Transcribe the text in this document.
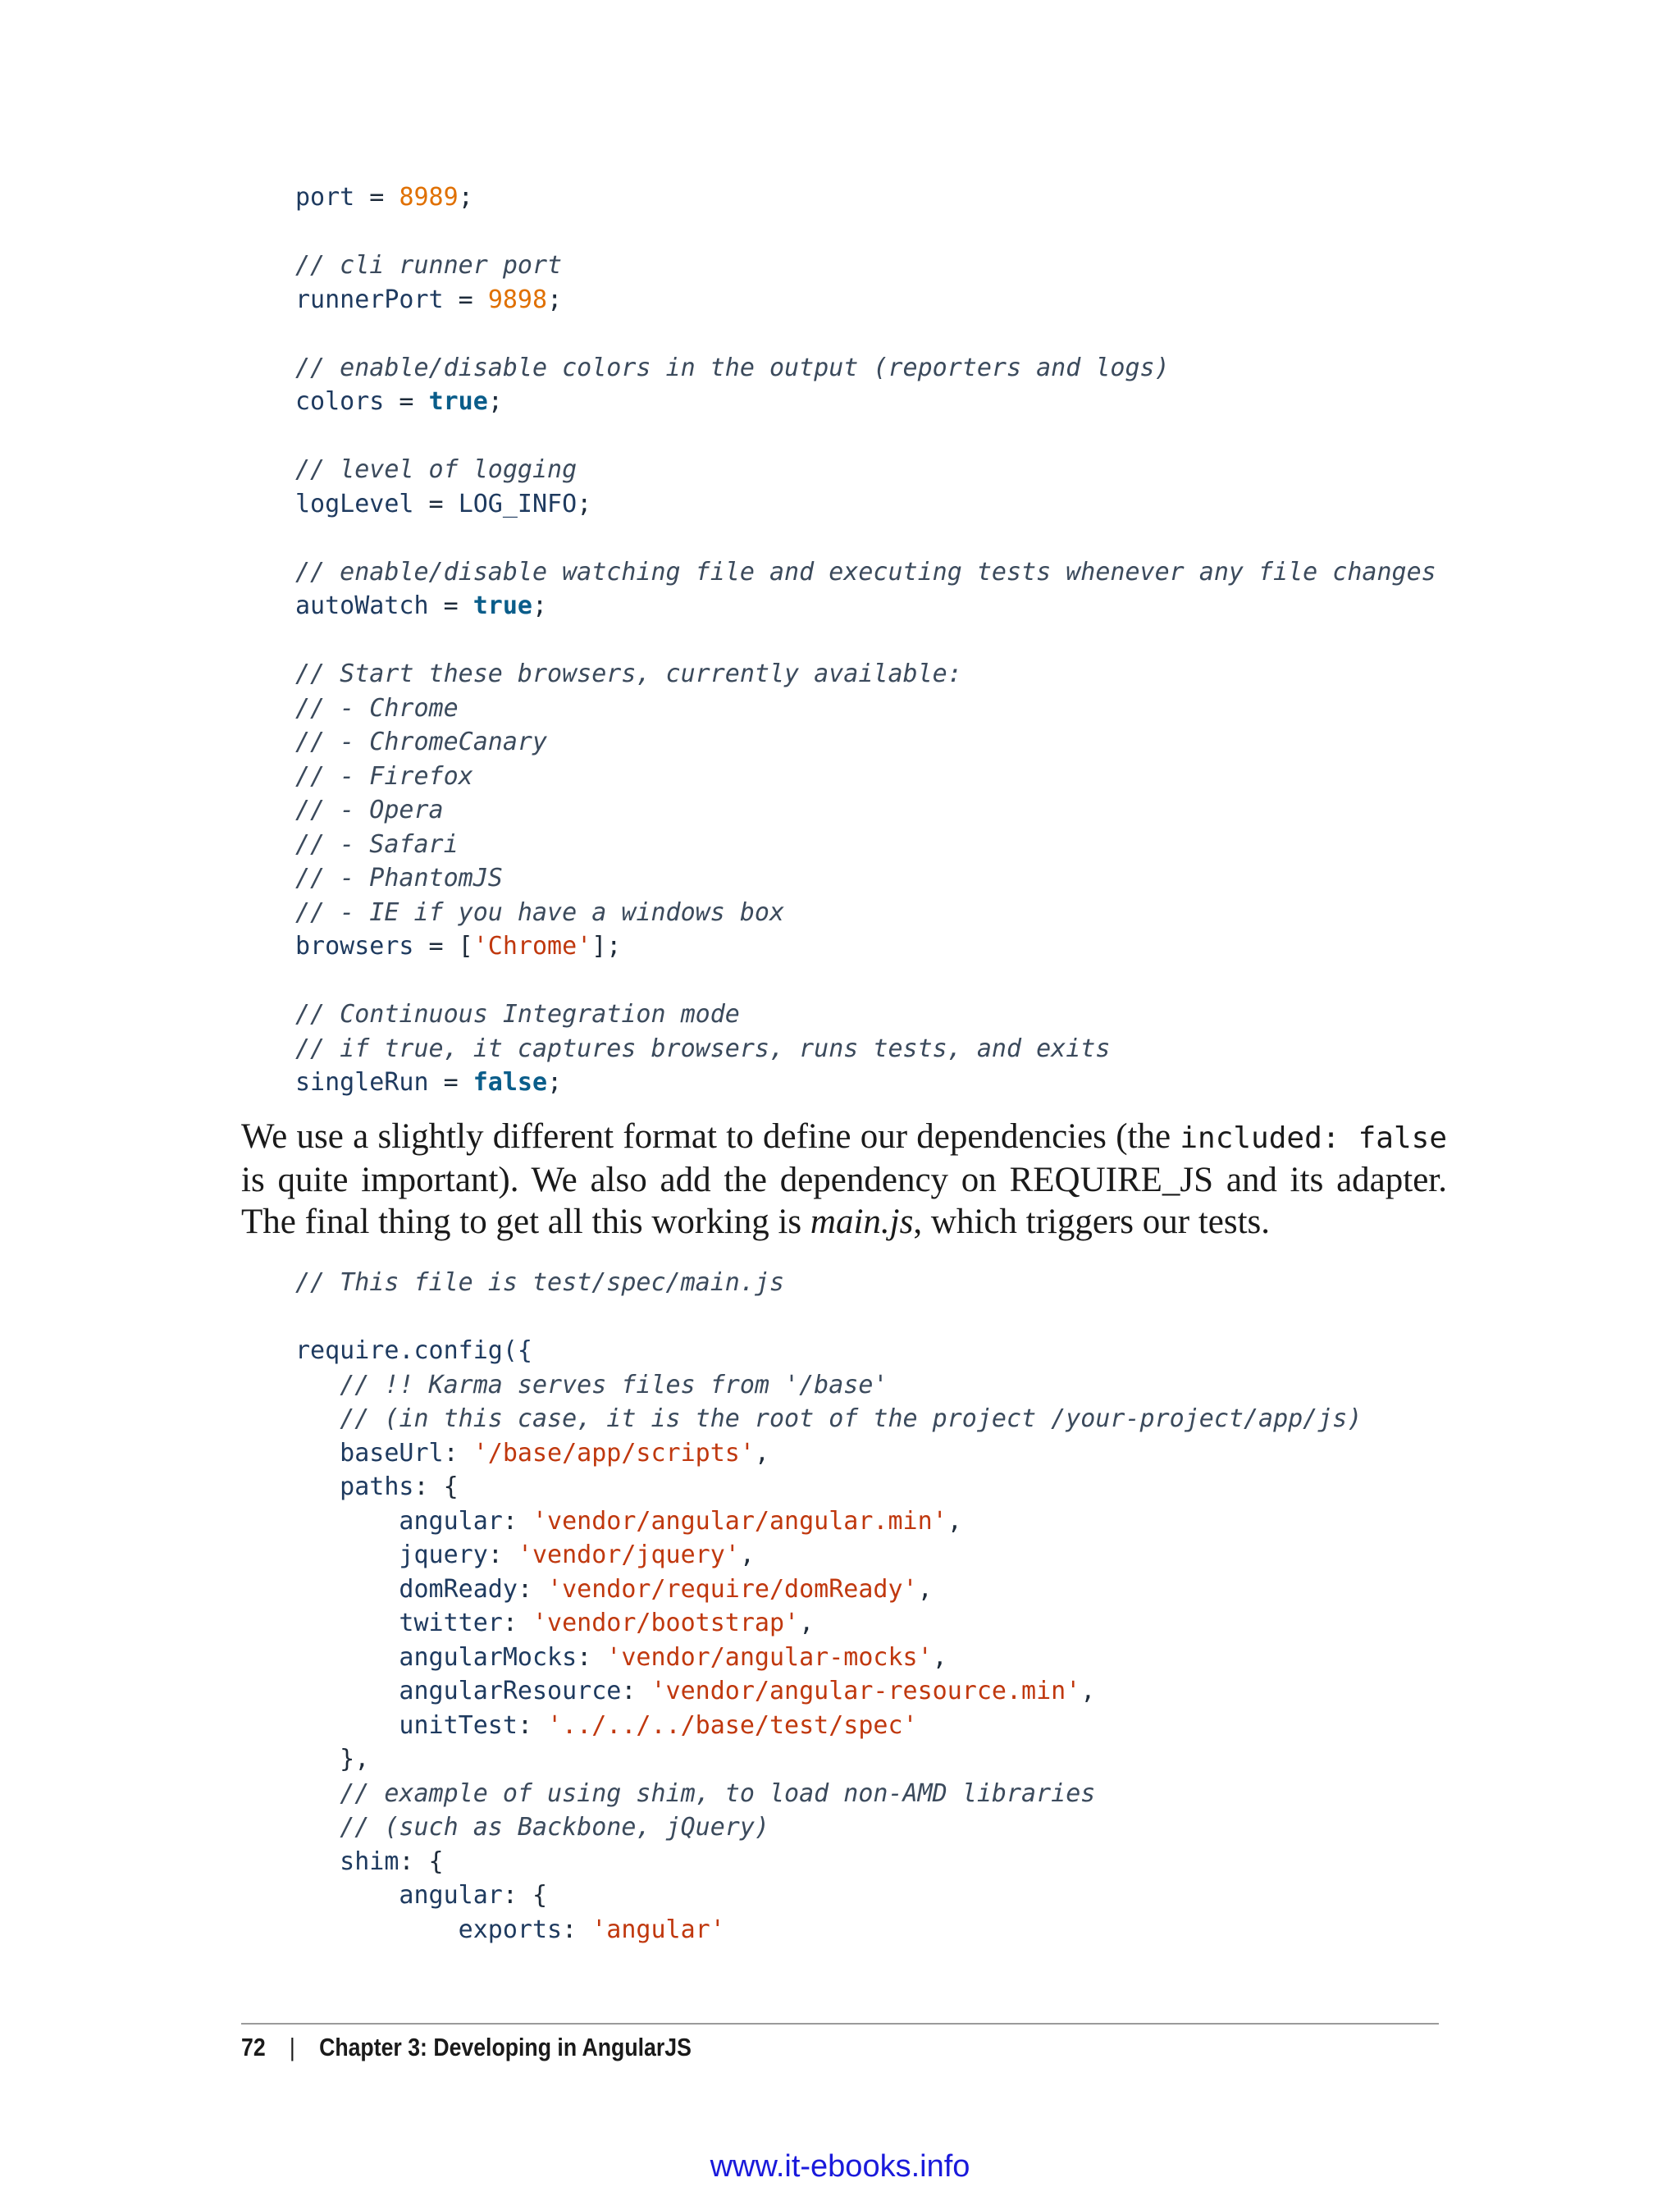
port = 8989;

// cli runner port
runnerPort = 9898;

// enable/disable colors in the output (reporters and logs)
colors = true;

// level of logging
logLevel = LOG_INFO;

// enable/disable watching file and executing tests whenever any file changes
autoWatch = true;

// Start these browsers, currently available:
// - Chrome
// - ChromeCanary
// - Firefox
// - Opera
// - Safari
// - PhantomJS
// - IE if you have a windows box
browsers = ['Chrome'];

// Continuous Integration mode
// if true, it captures browsers, runs tests, and exits
singleRun = false;

We use a slightly different format to define our dependencies (the included: false is quite important). We also add the dependency on REQUIRE_JS and its adapter. The final thing to get all this working is main.js, which triggers our tests.

// This file is test/spec/main.js

require.config({
// !! Karma serves files from '/base'
// (in this case, it is the root of the project /your-project/app/js)
baseUrl: '/base/app/scripts',
paths: {
angular: 'vendor/angular/angular.min',
jquery: 'vendor/jquery',
domReady: 'vendor/require/domReady',
twitter: 'vendor/bootstrap',
angularMocks: 'vendor/angular-mocks',
angularResource: 'vendor/angular-resource.min',
unitTest: '../../../base/test/spec'
},
// example of using shim, to load non-AMD libraries
// (such as Backbone, jQuery)
shim: {
angular: {
exports: 'angular'
72 | Chapter 3: Developing in AngularJS
www.it-ebooks.info
